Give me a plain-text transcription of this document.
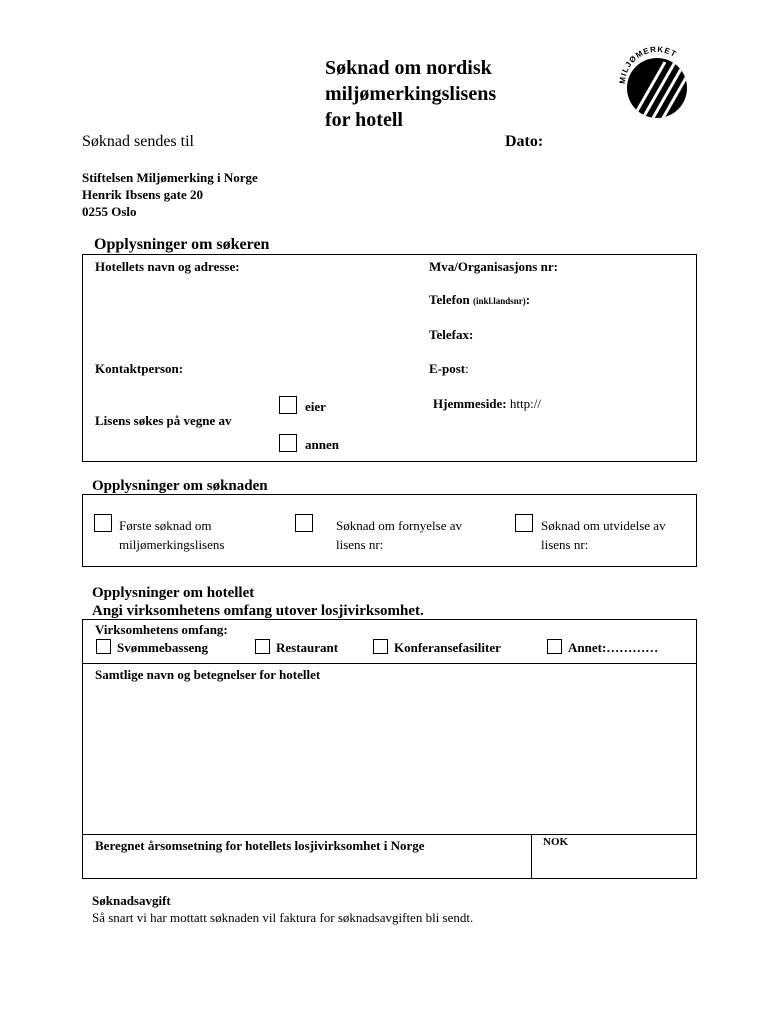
Søknad om nordisk
miljømerkingslisens
for hotell
MILJØMERKET
Søknad sendes til	Dato:
Stiftelsen Miljømerking i Norge
Henrik Ibsens gate 20
0255 Oslo
Opplysninger om søkeren
Hotellets navn og adresse:	Mva/Organisasjons nr:
Telefon (inkl.landsnr):
Telefax:
Kontaktperson:	E-post:
eier
Lisens søkes på vegne av
Hjemmeside: http://
annen
Opplysninger om søknaden
Første søknad om
miljømerkingslisens
Søknad om fornyelse av
lisens nr:
Søknad om utvidelse av
lisens nr:
Opplysninger om hotellet
Angi virksomhetens omfang utover losjivirksomhet.
Virksomhetens omfang:
Svømmebasseng	Restaurant	Konferansefasiliter	Annet:…………
Samtlige navn og betegnelser for hotellet
Beregnet årsomsetning for hotellets losjivirksomhet i Norge	NOK
Søknadsavgift
Så snart vi har mottatt søknaden vil faktura for søknadsavgiften bli sendt.
